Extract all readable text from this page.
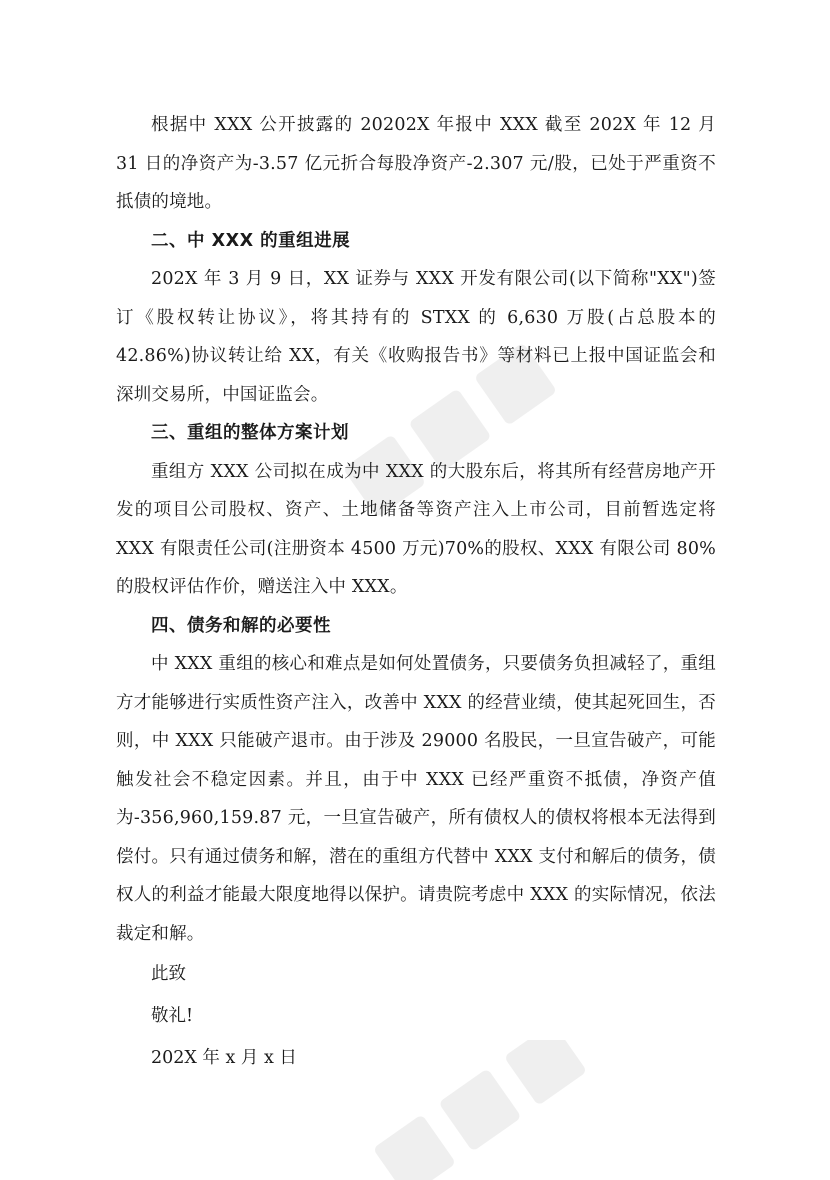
根据中 XXX 公开披露的 20202X 年报中 XXX 截至 202X 年 12 月 31 日的净资产为-3.57 亿元折合每股净资产-2.307 元/股，已处于严重资不抵债的境地。

二、中 XXX 的重组进展

202X 年 3 月 9 日，XX 证券与 XXX 开发有限公司(以下简称"XX")签订《股权转让协议》，将其持有的 STXX 的 6,630 万股(占总股本的 42.86%)协议转让给 XX，有关《收购报告书》等材料已上报中国证监会和深圳交易所，中国证监会。

三、重组的整体方案计划

重组方 XXX 公司拟在成为中 XXX 的大股东后，将其所有经营房地产开发的项目公司股权、资产、土地储备等资产注入上市公司，目前暂选定将 XXX 有限责任公司(注册资本 4500 万元)70%的股权、XXX 有限公司 80%的股权评估作价，赠送注入中 XXX。

四、债务和解的必要性

中 XXX 重组的核心和难点是如何处置债务，只要债务负担减轻了，重组方才能够进行实质性资产注入，改善中 XXX 的经营业绩，使其起死回生，否则，中 XXX 只能破产退市。由于涉及 29000 名股民，一旦宣告破产，可能触发社会不稳定因素。并且，由于中 XXX 已经严重资不抵债，净资产值为-356,960,159.87 元，一旦宣告破产，所有债权人的债权将根本无法得到偿付。只有通过债务和解，潜在的重组方代替中 XXX 支付和解后的债务，债权人的利益才能最大限度地得以保护。请贵院考虑中 XXX 的实际情况，依法裁定和解。

此致

敬礼!

202X 年 x 月 x 日
